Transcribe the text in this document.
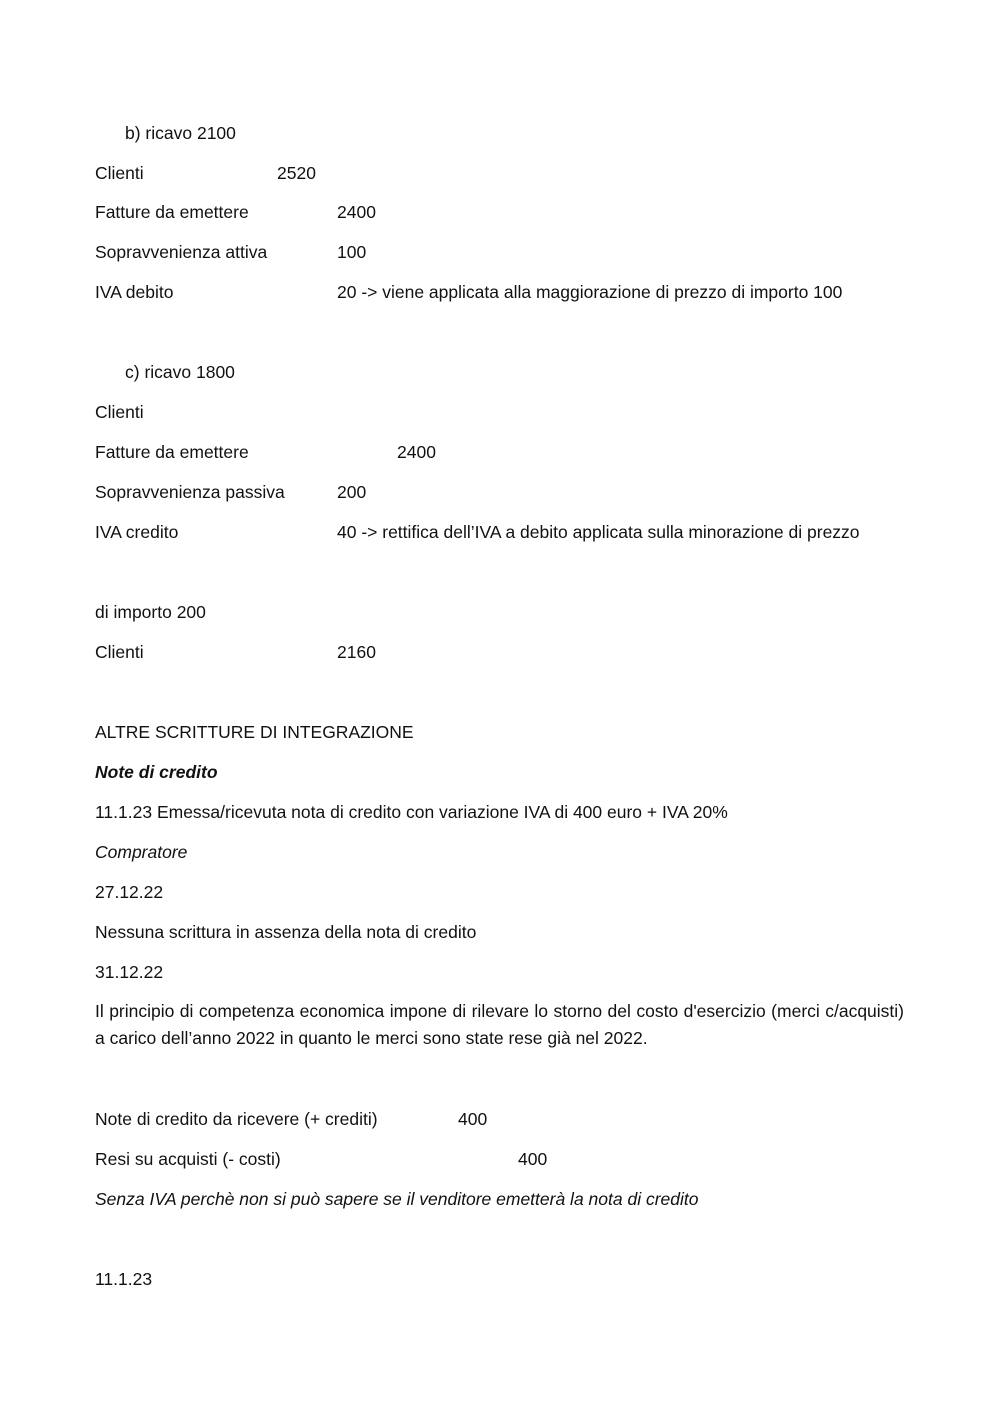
b) ricavo 2100
Clienti	2520
Fatture da emettere	2400
Sopravvenienza attiva	100
IVA debito	20 -> viene applicata alla maggiorazione di prezzo di importo 100
c) ricavo 1800
Clienti
Fatture da emettere	2400
Sopravvenienza passiva	200
IVA credito	40 -> rettifica dell’IVA a debito applicata sulla minorazione di prezzo
di importo 200
Clienti	2160
ALTRE SCRITTURE DI INTEGRAZIONE
Note di credito
11.1.23 Emessa/ricevuta nota di credito con variazione IVA di 400 euro + IVA 20%
Compratore
27.12.22
Nessuna scrittura in assenza della nota di credito
31.12.22
Il principio di competenza economica impone di rilevare lo storno del costo d'esercizio (merci c/acquisti) a carico dell’anno 2022 in quanto le merci sono state rese già nel 2022.
Note di credito da ricevere (+ crediti)	400
Resi su acquisti (- costi)	400
Senza IVA perchè non si può sapere se il venditore emetterà la nota di credito
11.1.23
